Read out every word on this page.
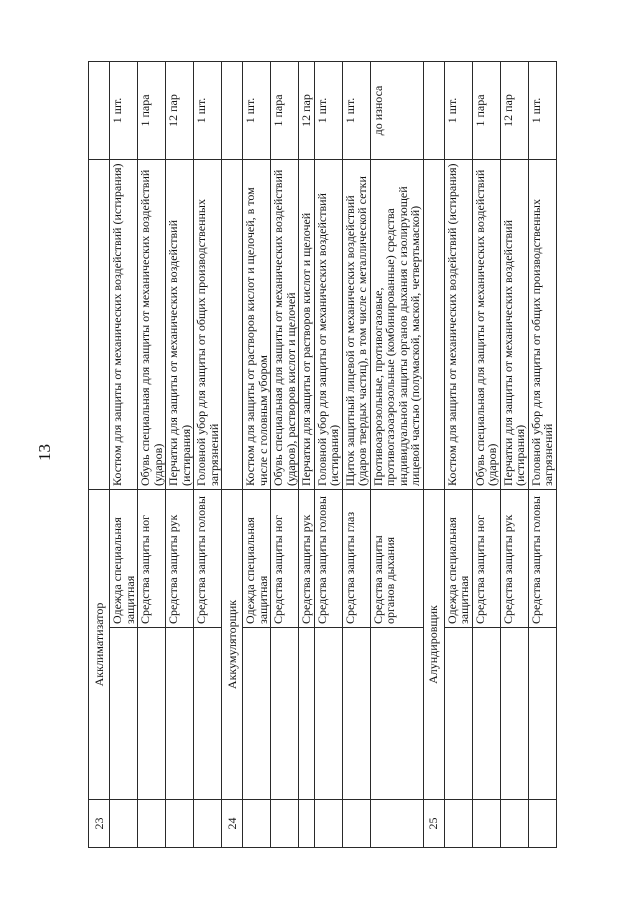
13
23	Акклиматизатор			
		Одежда специальная защитная	Костюм для защиты от механических воздействий (истирания)	1 шт.
		Средства защиты ног	Обувь специальная для защиты от механических воздействий (ударов)	1 пара
		Средства защиты рук	Перчатки для защиты от механических воздействий (истирания)	12 пар
		Средства защиты головы	Головной убор для защиты от общих производственных загрязнений	1 шт.
24	Аккумуляторщик			
		Одежда специальная защитная	Костюм для защиты от растворов кислот и щелочей, в том числе с головным убором	1 шт.
		Средства защиты ног	Обувь специальная для защиты от механических воздействий (ударов), растворов кислот и щелочей	1 пара
		Средства защиты рук	Перчатки для защиты от растворов кислот и щелочей	12 пар
		Средства защиты головы	Головной убор для защиты от механических воздействий (истирания)	1 шт.
		Средства защиты глаз	Щиток защитный лицевой от механических воздействий (ударов твердых частиц), в том числе с металлической сетки	1 шт.
		Средства защиты органов дыхания	Противоаэрозольные, противогазовые, противогазоаэрозольные (комбинированные) средства индивидуальной защиты органов дыхания с изолирующей лицевой частью (полумаской, маской, четвертьмаской)	до износа
25	Алундировщик			
		Одежда специальная защитная	Костюм для защиты от механических воздействий (истирания)	1 шт.
		Средства защиты ног	Обувь специальная для защиты от механических воздействий (ударов)	1 пара
		Средства защиты рук	Перчатки для защиты от механических воздействий (истирания)	12 пар
		Средства защиты головы	Головной убор для защиты от общих производственных загрязнений	1 шт.
